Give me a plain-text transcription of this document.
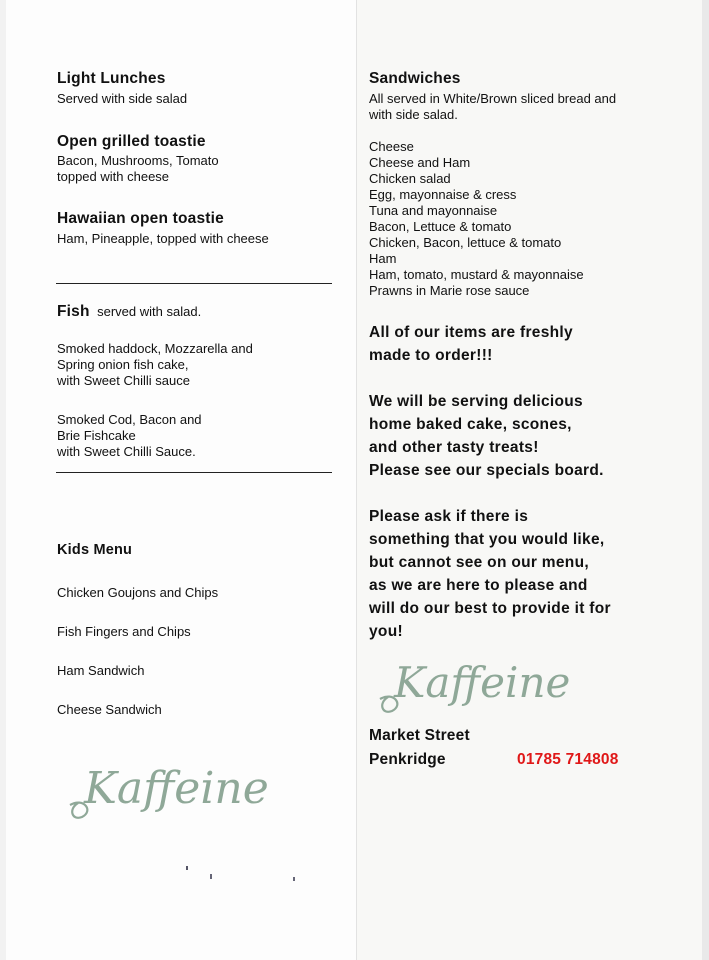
Light Lunches
Served with side salad
Open grilled toastie
Bacon, Mushrooms, Tomato
topped with cheese
Hawaiian open toastie
Ham, Pineapple, topped with cheese
Fish served with salad.
Smoked haddock, Mozzarella and
Spring onion fish cake,
with Sweet Chilli sauce
Smoked Cod, Bacon and
Brie Fishcake
with Sweet Chilli Sauce.
Kids Menu
Chicken Goujons and Chips
Fish Fingers and Chips
Ham Sandwich
Cheese Sandwich
Kaffeine
Sandwiches
All served in White/Brown sliced bread and
with side salad.
Cheese
Cheese and Ham
Chicken salad
Egg, mayonnaise & cress
Tuna and mayonnaise
Bacon, Lettuce & tomato
Chicken, Bacon, lettuce & tomato
Ham
Ham, tomato, mustard & mayonnaise
Prawns in Marie rose sauce
All of our items are freshly
made to order!!!
We will be serving delicious
home baked cake, scones,
and other tasty treats!
Please see our specials board.
Please ask if there is
something that you would like,
but cannot see on our menu,
as we are here to please and
will do our best to provide it for
you!
Kaffeine
Market Street
Penkridge	01785 714808
